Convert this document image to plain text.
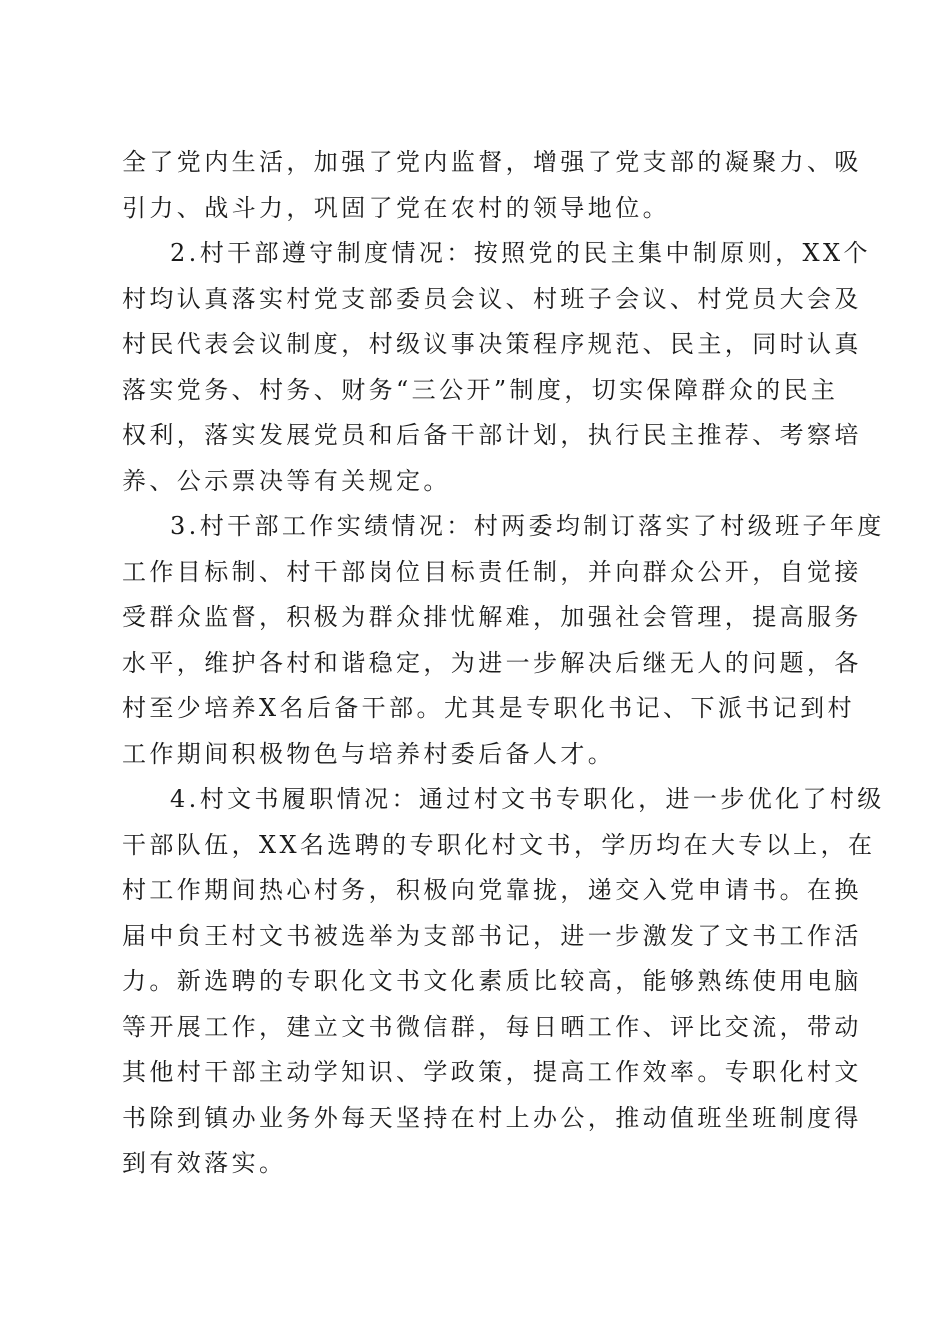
全了党内生活，加强了党内监督，增强了党支部的凝聚力、吸
引力、战斗力，巩固了党在农村的领导地位。

2.村干部遵守制度情况：按照党的民主集中制原则，XX个
村均认真落实村党支部委员会议、村班子会议、村党员大会及
村民代表会议制度，村级议事决策程序规范、民主，同时认真
落实党务、村务、财务“三公开”制度，切实保障群众的民主
权利，落实发展党员和后备干部计划，执行民主推荐、考察培
养、公示票决等有关规定。

3.村干部工作实绩情况：村两委均制订落实了村级班子年度
工作目标制、村干部岗位目标责任制，并向群众公开，自觉接
受群众监督，积极为群众排忧解难，加强社会管理，提高服务
水平，维护各村和谐稳定，为进一步解决后继无人的问题，各
村至少培养X名后备干部。尤其是专职化书记、下派书记到村
工作期间积极物色与培养村委后备人才。

4.村文书履职情况：通过村文书专职化，进一步优化了村级
干部队伍，XX名选聘的专职化村文书，学历均在大专以上，在
村工作期间热心村务，积极向党靠拢，递交入党申请书。在换
届中贠王村文书被选举为支部书记，进一步激发了文书工作活
力。新选聘的专职化文书文化素质比较高，能够熟练使用电脑
等开展工作，建立文书微信群，每日晒工作、评比交流，带动
其他村干部主动学知识、学政策，提高工作效率。专职化村文
书除到镇办业务外每天坚持在村上办公，推动值班坐班制度得
到有效落实。
